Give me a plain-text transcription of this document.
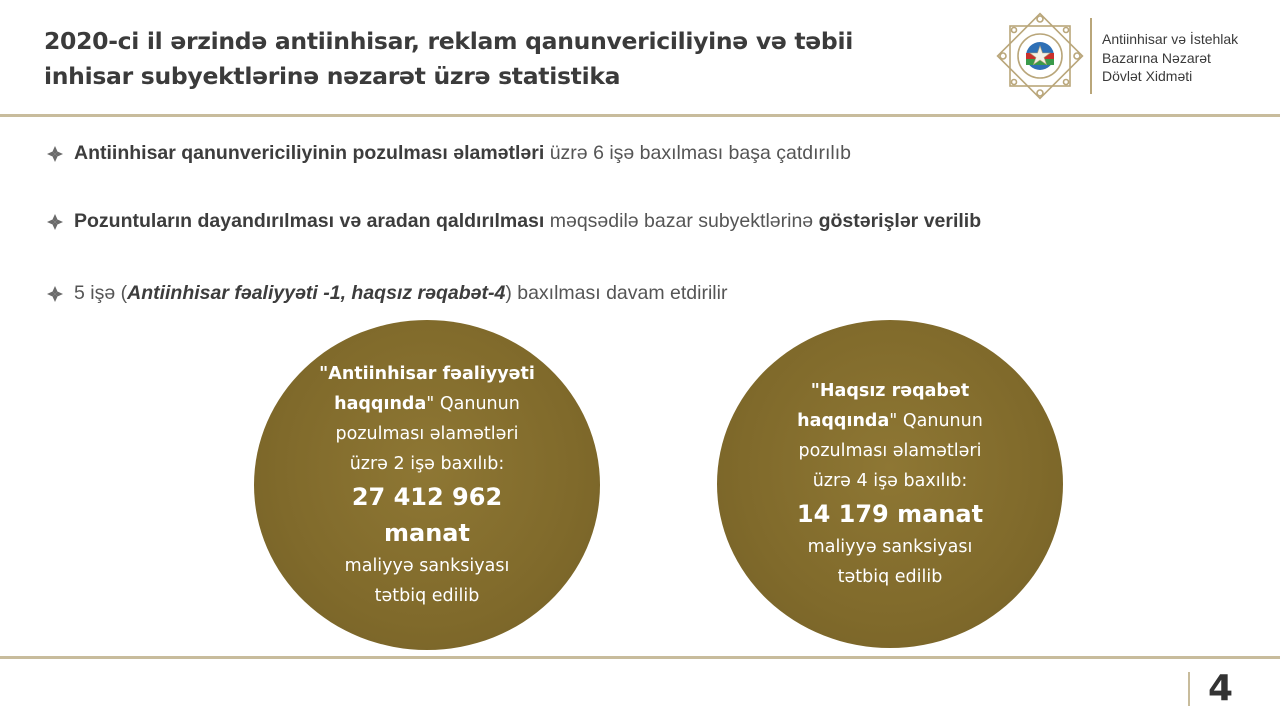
2020-ci il ərzində antiinhisar, reklam qanunvericiliyinə və təbii
inhisar subyektlərinə nəzarət üzrə statistika
Antiinhisar və İstehlak
Bazarına Nəzarət
Dövlət Xidməti
Antiinhisar qanunvericiliyinin pozulması əlamətləri üzrə 6 işə baxılması başa çatdırılıb
Pozuntuların dayandırılması və aradan qaldırılması məqsədilə bazar subyektlərinə göstərişlər verilib
5 işə (Antiinhisar fəaliyyəti -1, haqsız rəqabət-4) baxılması davam etdirilir
"Antiinhisar fəaliyyəti
haqqında" Qanunun
pozulması əlamətləri
üzrə 2 işə baxılıb:
27 412 962
manat
maliyyə sanksiyası
tətbiq edilib
"Haqsız rəqabət
haqqında" Qanunun
pozulması əlamətləri
üzrə 4 işə baxılıb:
14 179 manat
maliyyə sanksiyası
tətbiq edilib
4
